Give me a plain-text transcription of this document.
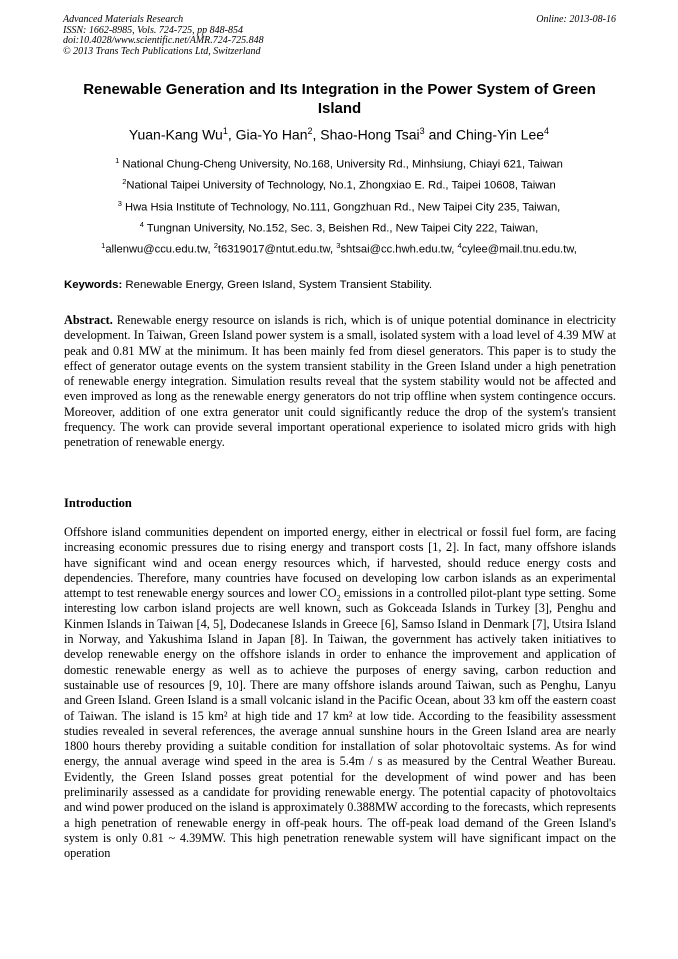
Advanced Materials Research
ISSN: 1662-8985, Vols. 724-725, pp 848-854
doi:10.4028/www.scientific.net/AMR.724-725.848
© 2013 Trans Tech Publications Ltd, Switzerland
Online: 2013-08-16
Renewable Generation and Its Integration in the Power System of Green Island
Yuan-Kang Wu$^1$, Gia-Yo Han$^2$, Shao-Hong Tsai$^3$ and Ching-Yin Lee$^4$
$^1$ National Chung-Cheng University, No.168, University Rd., Minhsiung, Chiayi 621, Taiwan
$^2$National Taipei University of Technology, No.1, Zhongxiao E. Rd., Taipei 10608, Taiwan
$^3$ Hwa Hsia Institute of Technology, No.111, Gongzhuan Rd., New Taipei City 235, Taiwan,
$^4$ Tungnan University, No.152, Sec. 3, Beishen Rd., New Taipei City 222, Taiwan,
$^1$allenwu@ccu.edu.tw, $^2$t6319017@ntut.edu.tw, $^3$shtsai@cc.hwh.edu.tw, $^4$cylee@mail.tnu.edu.tw,
Keywords: Renewable Energy, Green Island, System Transient Stability.
Abstract. Renewable energy resource on islands is rich, which is of unique potential dominance in electricity development. In Taiwan, Green Island power system is a small, isolated system with a load level of 4.39 MW at peak and 0.81 MW at the minimum. It has been mainly fed from diesel generators. This paper is to study the effect of generator outage events on the system transient stability in the Green Island under a high penetration of renewable energy integration. Simulation results reveal that the system stability would not be affected and even improved as long as the renewable energy generators do not trip offline when system contingence occurs. Moreover, addition of one extra generator unit could significantly reduce the drop of the system's transient frequency. The work can provide several important operational experience to isolated micro grids with high penetration of renewable energy.
Introduction
Offshore island communities dependent on imported energy, either in electrical or fossil fuel form, are facing increasing economic pressures due to rising energy and transport costs [1, 2]. In fact, many offshore islands have significant wind and ocean energy resources which, if harvested, should reduce energy costs and dependencies. Therefore, many countries have focused on developing low carbon islands as an experimental attempt to test renewable energy sources and lower $CO_2$ emissions in a controlled pilot-plant type setting. Some interesting low carbon island projects are well known, such as Gokceada Islands in Turkey [3], Penghu and Kinmen Islands in Taiwan [4, 5], Dodecanese Islands in Greece [6], Samso Island in Denmark [7], Utsira Island in Norway, and Yakushima Island in Japan [8]. In Taiwan, the government has actively taken initiatives to develop renewable energy on the offshore islands in order to enhance the improvement and application of domestic renewable energy as well as to achieve the purposes of energy saving, carbon reduction and sustainable use of resources [9, 10]. There are many offshore islands around Taiwan, such as Penghu, Lanyu and Green Island. Green Island is a small volcanic island in the Pacific Ocean, about 33 km off the eastern coast of Taiwan. The island is 15 km² at high tide and 17 km² at low tide. According to the feasibility assessment studies revealed in several references, the average annual sunshine hours in the Green Island area are nearly 1800 hours thereby providing a suitable condition for installation of solar photovoltaic systems. As for wind energy, the annual average wind speed in the area is 5.4m / s as measured by the Central Weather Bureau. Evidently, the Green Island posses great potential for the development of wind power and has been preliminarily assessed as a candidate for providing renewable energy. The potential capacity of photovoltaics and wind power produced on the island is approximately 0.388MW according to the forecasts, which represents a high penetration of renewable energy in off-peak hours. The off-peak load demand of the Green Island's system is only 0.81 ~ 4.39MW. This high penetration renewable system will have significant impact on the operation
